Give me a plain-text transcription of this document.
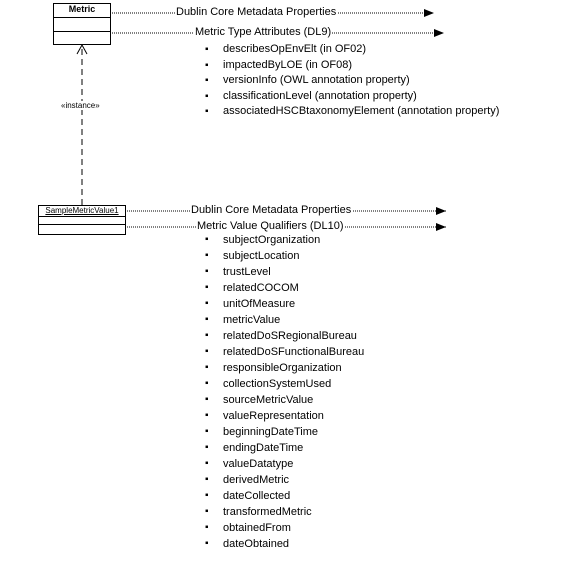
Metric
«instance»
SampleMetricValue1
Dublin Core Metadata Properties
Metric Type Attributes (DL9)
▪ describesOpEnvElt (in OF02)
▪ impactedByLOE (in OF08)
▪ versionInfo (OWL annotation property)
▪ classificationLevel (annotation property)
▪ associatedHSCBtaxonomyElement (annotation property)
Dublin Core Metadata Properties
Metric Value Qualifiers (DL10)
▪ subjectOrganization
▪ subjectLocation
▪ trustLevel
▪ relatedCOCOM
▪ unitOfMeasure
▪ metricValue
▪ relatedDoSRegionalBureau
▪ relatedDoSFunctionalBureau
▪ responsibleOrganization
▪ collectionSystemUsed
▪ sourceMetricValue
▪ valueRepresentation
▪ beginningDateTime
▪ endingDateTime
▪ valueDatatype
▪ derivedMetric
▪ dateCollected
▪ transformedMetric
▪ obtainedFrom
▪ dateObtained
